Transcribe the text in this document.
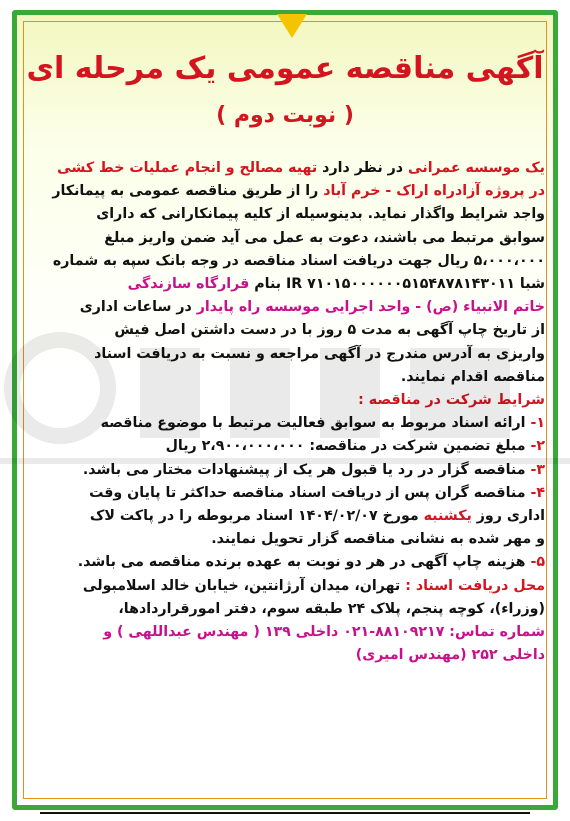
آگهی مناقصه عمومی یک مرحله ای
( نوبت دوم )
یک موسسه عمرانی در نظر دارد تهیه مصالح و انجام عملیات خط کشی
در پروژه آزادراه اراک - خرم آباد را از طریق مناقصه عمومی به پیمانکار
واجد شرایط واگذار نماید. بدینوسیله از کلیه پیمانکارانی که دارای
سوابق مرتبط می باشند، دعوت به عمل می آید ضمن واریز مبلغ
۵،۰۰۰،۰۰۰ ریال جهت دریافت اسناد مناقصه در وجه بانک سپه به شماره
شبا IR ۷۱۰۱۵۰۰۰۰۰۰۵۱۵۴۸۷۸۱۴۳۰۱۱ بنام قرارگاه سازندگی
خاتم الانبیاء (ص) - واحد اجرایی موسسه راه پایدار در ساعات اداری
از تاریخ چاپ آگهی به مدت ۵ روز با در دست داشتن اصل فیش
واریزی به آدرس مندرج در آگهی مراجعه و نسبت به دریافت اسناد
مناقصه اقدام نمایند.
شرایط شرکت در مناقصه :
۱- ارائه اسناد مربوط به سوابق فعالیت مرتبط با موضوع مناقصه
۲- مبلغ تضمین شرکت در مناقصه: ۲،۹۰۰،۰۰۰،۰۰۰ ریال
۳- مناقصه گزار در رد یا قبول هر یک از پیشنهادات مختار می باشد.
۴- مناقصه گران پس از دریافت اسناد مناقصه حداکثر تا پایان وقت
اداری روز یکشنبه مورخ ۱۴۰۴/۰۲/۰۷ اسناد مربوطه را در پاکت لاک
و مهر شده به نشانی مناقصه گزار تحویل نمایند.
۵- هزینه چاپ آگهی در هر دو نوبت به عهده برنده مناقصه می باشد.
محل دریافت اسناد : تهران، میدان آرژانتین، خیابان خالد اسلامبولی
(وزراء)، کوچه پنجم، پلاک ۲۴ طبقه سوم، دفتر امورقراردادها،
شماره تماس: ۸۸۱۰۹۲۱۷-۰۲۱ داخلی ۱۳۹ ( مهندس عبداللهی ) و
داخلی ۲۵۲ (مهندس امیری)
